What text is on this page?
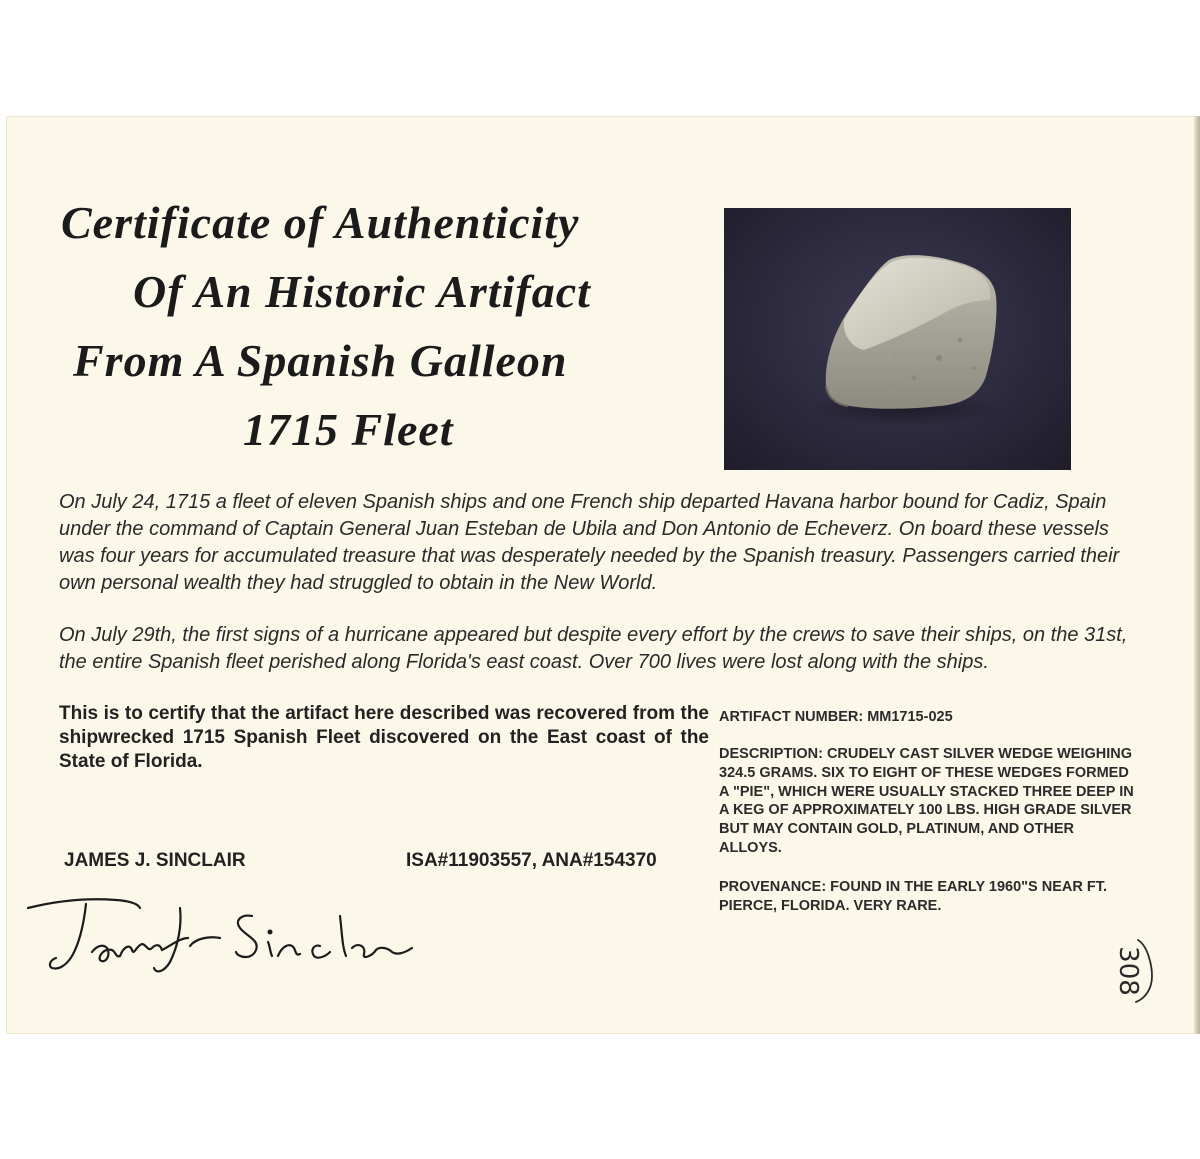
Certificate of Authenticity
Of An Historic Artifact
From A Spanish Galleon
1715 Fleet

On July 24, 1715 a fleet of eleven Spanish ships and one French ship departed Havana harbor bound for Cadiz, Spain under the command of Captain General Juan Esteban de Ubila and Don Antonio de Echeverz. On board these vessels was four years for accumulated treasure that was desperately needed by the Spanish treasury. Passengers carried their own personal wealth they had struggled to obtain in the New World.

On July 29th, the first signs of a hurricane appeared but despite every effort by the crews to save their ships, on the 31st, the entire Spanish fleet perished along Florida's east coast. Over 700 lives were lost along with the ships.

This is to certify that the artifact here described was recovered from the shipwrecked 1715 Spanish Fleet discovered on the East coast of the State of Florida.

ARTIFACT NUMBER: MM1715-025

DESCRIPTION: CRUDELY CAST SILVER WEDGE WEIGHING 324.5 GRAMS. SIX TO EIGHT OF THESE WEDGES FORMED A "PIE", WHICH WERE USUALLY STACKED THREE DEEP IN A KEG OF APPROXIMATELY 100 LBS. HIGH GRADE SILVER BUT MAY CONTAIN GOLD, PLATINUM, AND OTHER ALLOYS.

PROVENANCE: FOUND IN THE EARLY 1960"S NEAR FT. PIERCE, FLORIDA. VERY RARE.

JAMES J. SINCLAIR	ISA#11903557, ANA#154370
308
